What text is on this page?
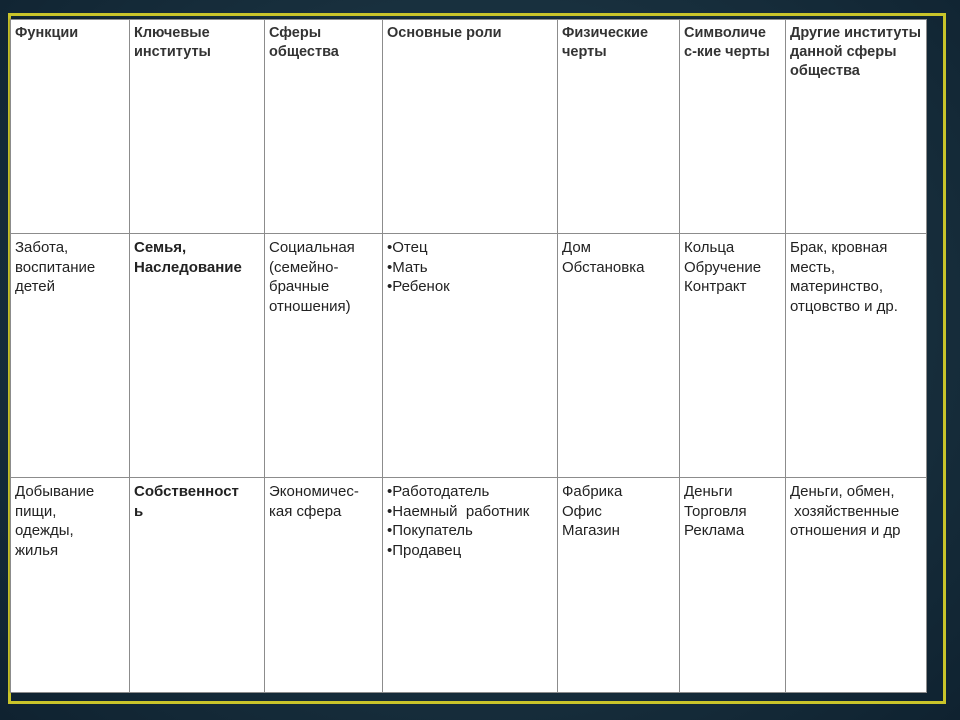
Функции	Ключевые институты	Сферы общества	Основные роли	Физические черты	Символиче с-кие черты	Другие институты данной сферы общества

Забота,
воспитание
детей	Семья,
Наследование	Социальная
(семейно-
брачные
отношения)	• Отец
• Мать
• Ребенок	Дом
Обстановка	Кольца
Обручение
Контракт	Брак, кровная
месть,
материнство,
отцовство и др.

Добывание
пищи,
одежды,
жилья	Собственност
ь	Экономичес-
кая сфера	• Работодатель
• Наемный  работник
• Покупатель
• Продавец	Фабрика
Офис
Магазин	Деньги
Торговля
Реклама	Деньги, обмен,
хозяйственные
отношения и др
